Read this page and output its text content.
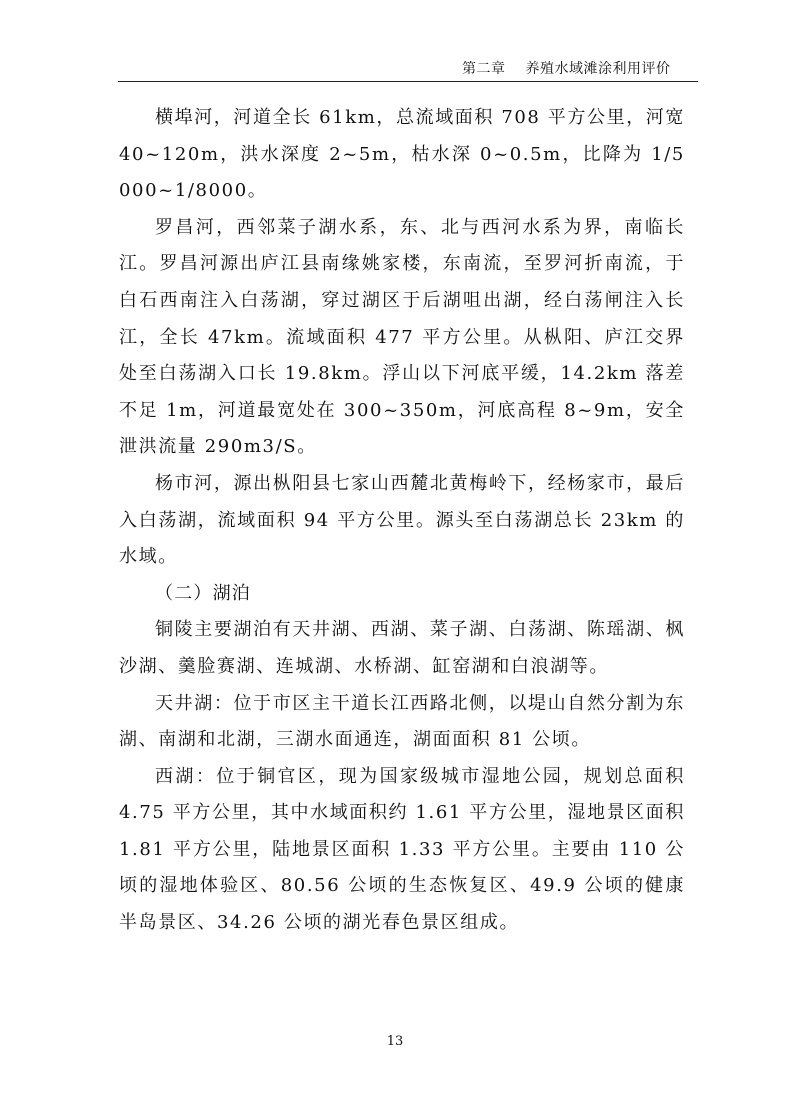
第二章 养殖水域滩涂利用评价

横埠河，河道全长 61km，总流域面积 708 平方公里，河宽 40~120m，洪水深度 2~5m，枯水深 0~0.5m，比降为 1/5000~1/8000。

罗昌河，西邻菜子湖水系，东、北与西河水系为界，南临长江。罗昌河源出庐江县南缘姚家楼，东南流，至罗河折南流，于白石西南注入白荡湖，穿过湖区于后湖咀出湖，经白荡闸注入长江，全长 47km。流域面积 477 平方公里。从枞阳、庐江交界处至白荡湖入口长 19.8km。浮山以下河底平缓，14.2km 落差不足 1m，河道最宽处在 300~350m，河底高程 8~9m，安全泄洪流量 290m3/S。

杨市河，源出枞阳县七家山西麓北黄梅岭下，经杨家市，最后入白荡湖，流域面积 94 平方公里。源头至白荡湖总长 23km 的水域。

（二）湖泊

铜陵主要湖泊有天井湖、西湖、菜子湖、白荡湖、陈瑶湖、枫沙湖、羹脸赛湖、连城湖、水桥湖、缸窑湖和白浪湖等。

天井湖：位于市区主干道长江西路北侧，以堤山自然分割为东湖、南湖和北湖，三湖水面通连，湖面面积 81 公顷。

西湖：位于铜官区，现为国家级城市湿地公园，规划总面积 4.75 平方公里，其中水域面积约 1.61 平方公里，湿地景区面积 1.81 平方公里，陆地景区面积 1.33 平方公里。主要由 110 公顷的湿地体验区、80.56 公顷的生态恢复区、49.9 公顷的健康半岛景区、34.26 公顷的湖光春色景区组成。

13
